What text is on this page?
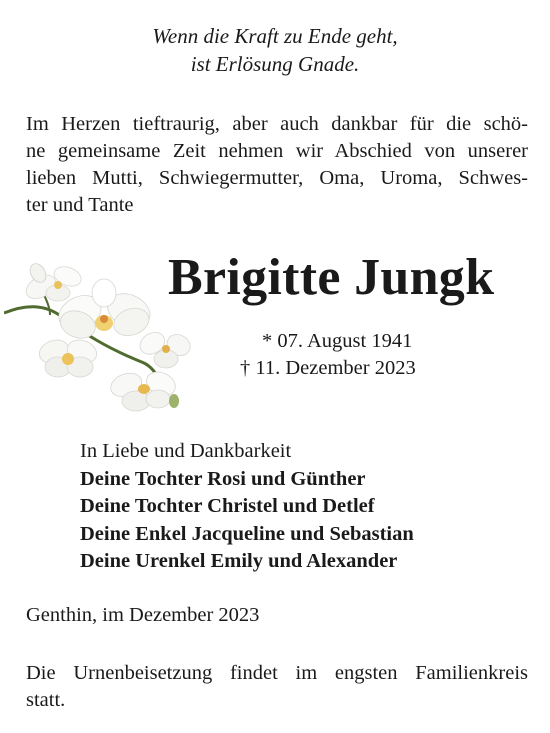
Wenn die Kraft zu Ende geht,
ist Erlösung Gnade.
Im Herzen tieftraurig, aber auch dankbar für die schö-
ne gemeinsame Zeit nehmen wir Abschied von unserer
lieben Mutti, Schwiegermutter, Oma, Uroma, Schwes-
ter und Tante
Brigitte Jungk
* 07. August 1941
† 11. Dezember 2023
In Liebe und Dankbarkeit
Deine Tochter Rosi und Günther
Deine Tochter Christel und Detlef
Deine Enkel Jacqueline und Sebastian
Deine Urenkel Emily und Alexander
Genthin, im Dezember 2023
Die Urnenbeisetzung findet im engsten Familienkreis
statt.
